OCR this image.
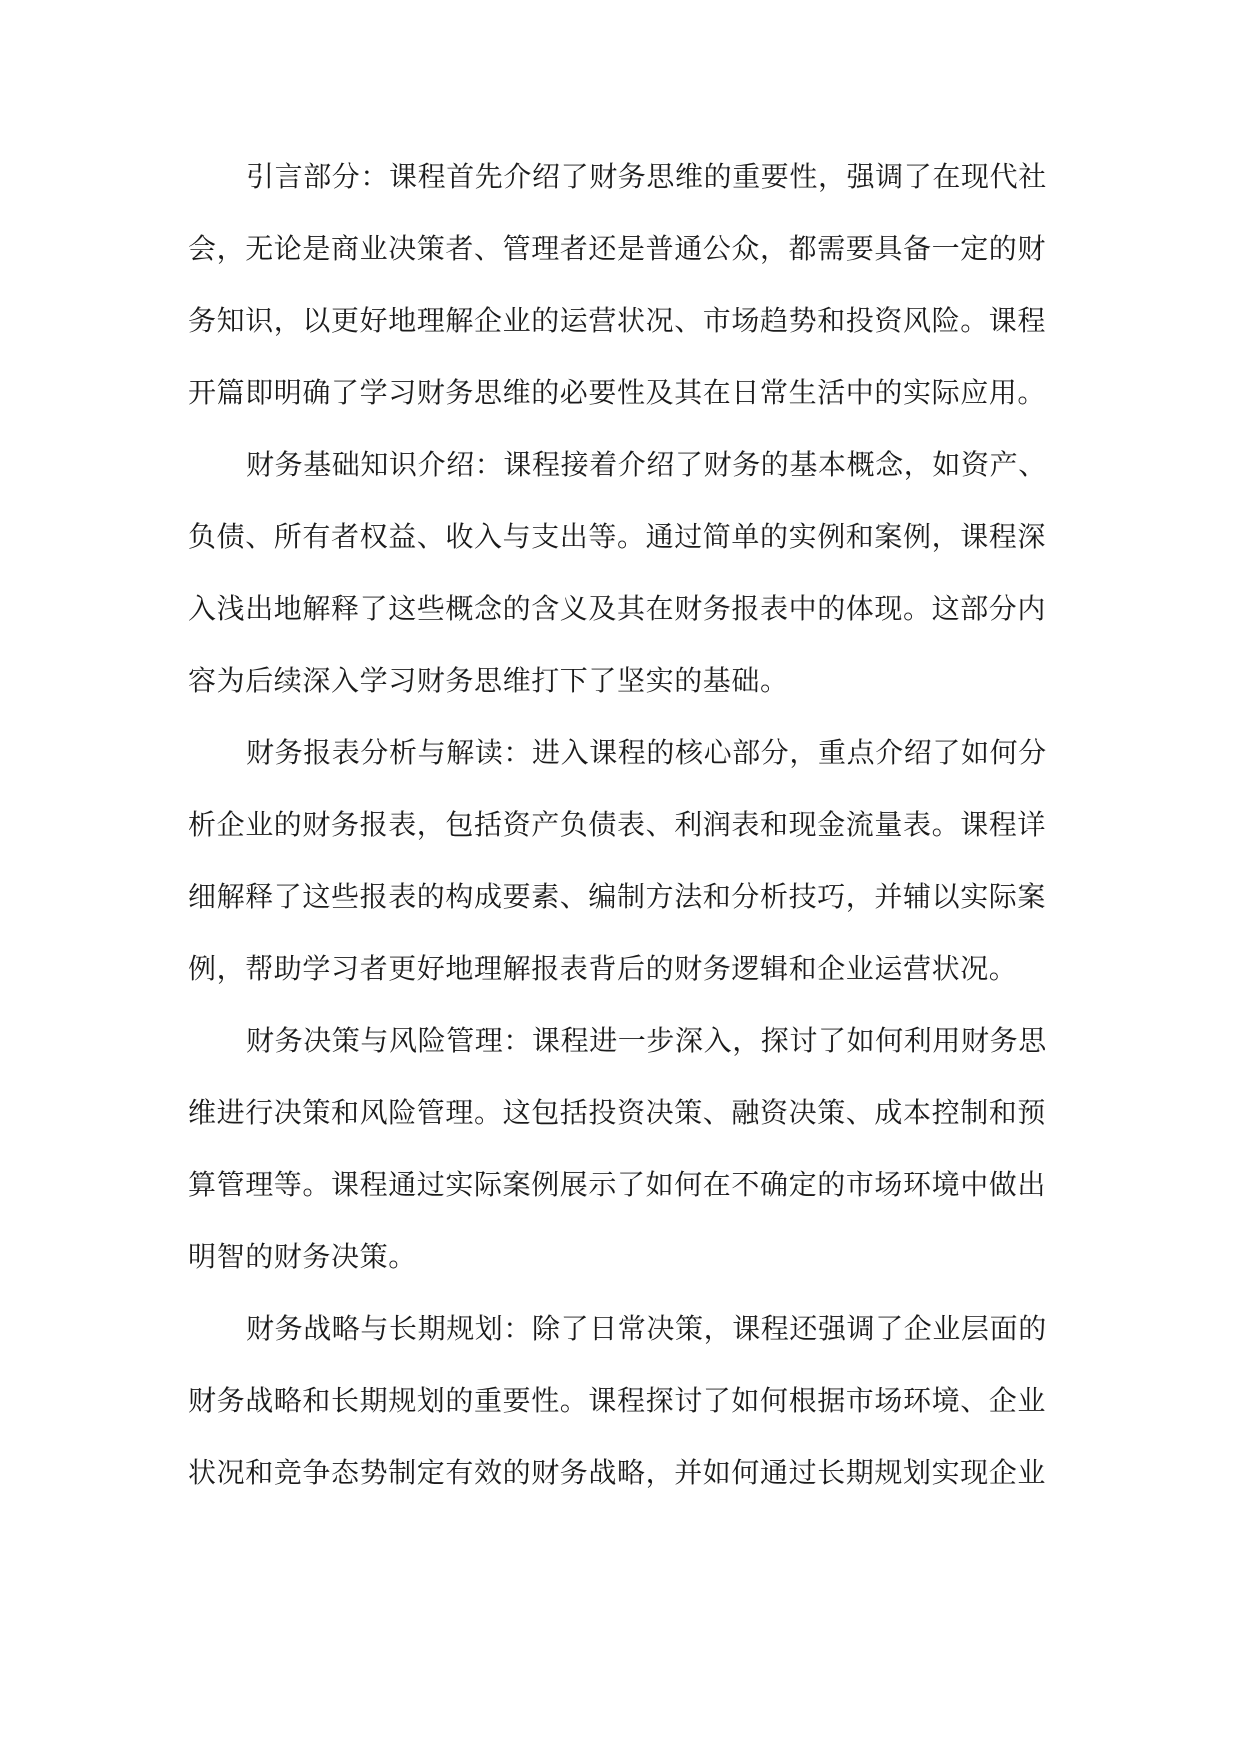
引言部分：课程首先介绍了财务思维的重要性，强调了在现代社
会，无论是商业决策者、管理者还是普通公众，都需要具备一定的财
务知识，以更好地理解企业的运营状况、市场趋势和投资风险。课程
开篇即明确了学习财务思维的必要性及其在日常生活中的实际应用。
财务基础知识介绍：课程接着介绍了财务的基本概念，如资产、
负债、所有者权益、收入与支出等。通过简单的实例和案例，课程深
入浅出地解释了这些概念的含义及其在财务报表中的体现。这部分内
容为后续深入学习财务思维打下了坚实的基础。
财务报表分析与解读：进入课程的核心部分，重点介绍了如何分
析企业的财务报表，包括资产负债表、利润表和现金流量表。课程详
细解释了这些报表的构成要素、编制方法和分析技巧，并辅以实际案
例，帮助学习者更好地理解报表背后的财务逻辑和企业运营状况。
财务决策与风险管理：课程进一步深入，探讨了如何利用财务思
维进行决策和风险管理。这包括投资决策、融资决策、成本控制和预
算管理等。课程通过实际案例展示了如何在不确定的市场环境中做出
明智的财务决策。
财务战略与长期规划：除了日常决策，课程还强调了企业层面的
财务战略和长期规划的重要性。课程探讨了如何根据市场环境、企业
状况和竞争态势制定有效的财务战略，并如何通过长期规划实现企业
